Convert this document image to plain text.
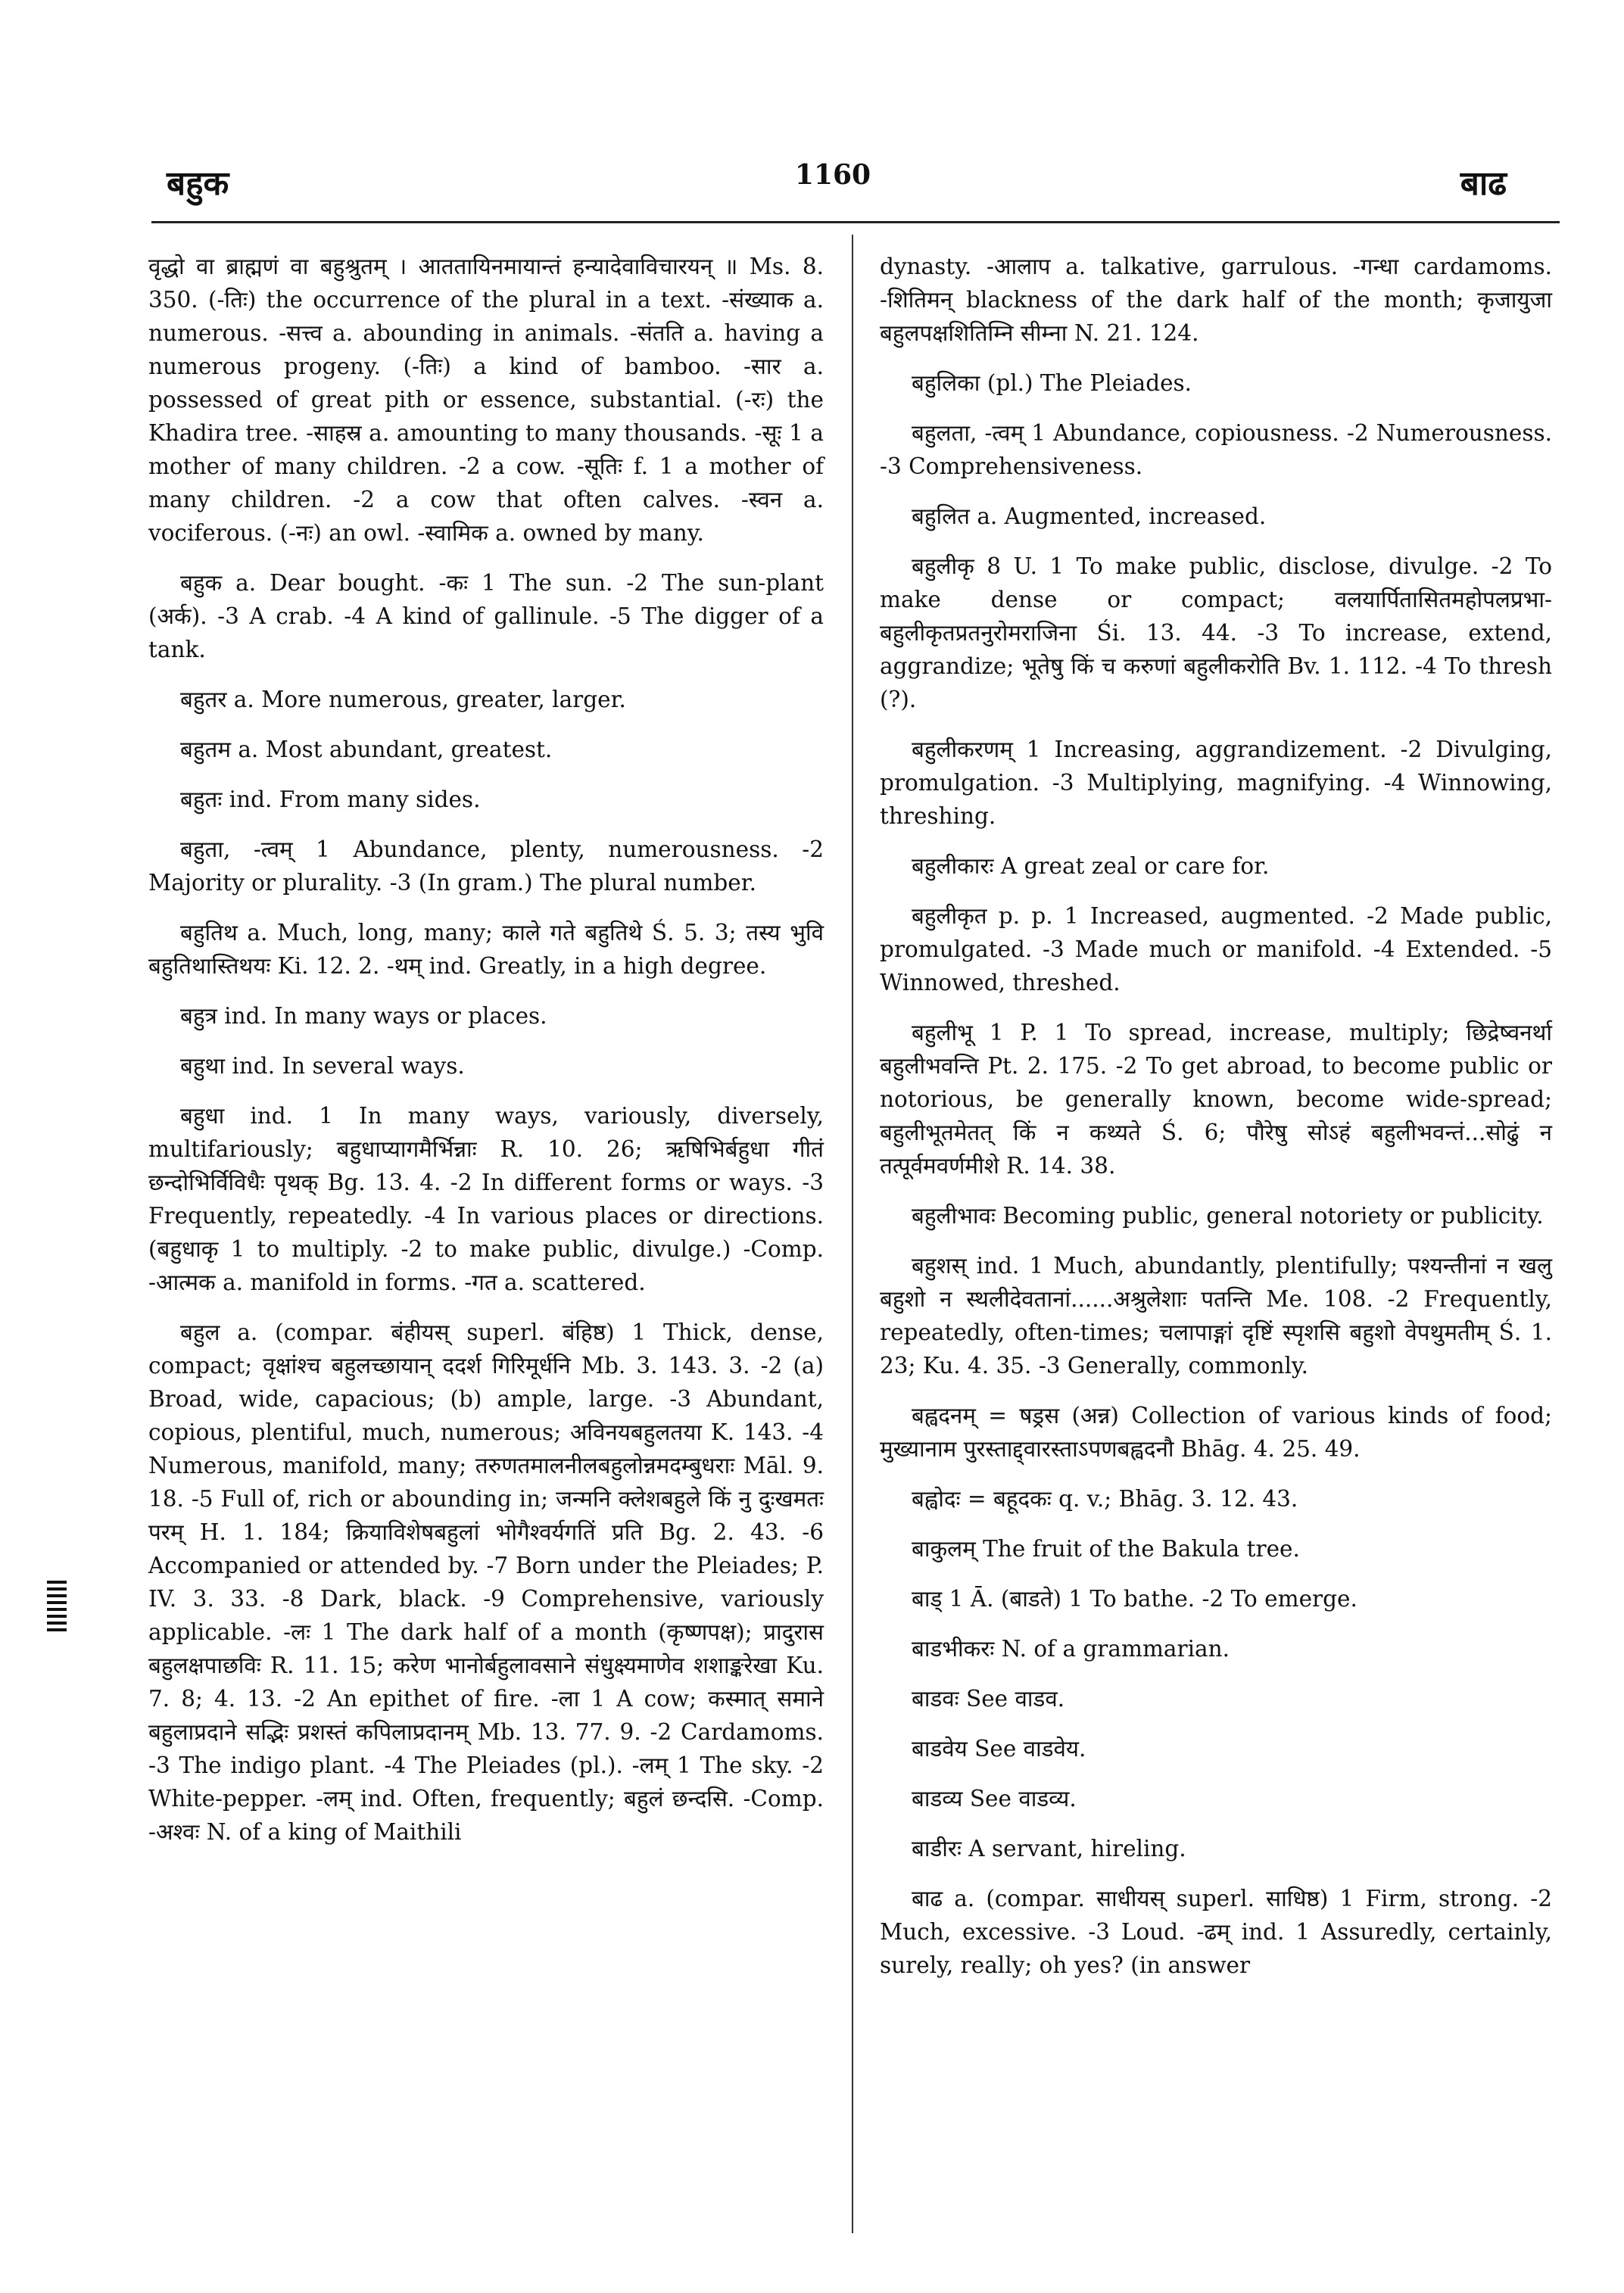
बहुक	1160	बाढ

वृद्धो वा ब्राह्मणं वा बहुश्रुतम् । आततायिनमायान्तं हन्यादेवाविचारयन् ॥ Ms. 8. 350. (-तिः) the occurrence of the plural in a text. -संख्याक a. numerous. -सत्त्व a. abounding in animals. -संतति a. having a numerous progeny. (-तिः) a kind of bamboo. -सार a. possessed of great pith or essence, substantial. (-रः) the Khadira tree. -साहस्र a. amounting to many thousands. -सूः 1 a mother of many children. -2 a cow. -सूतिः f. 1 a mother of many children. -2 a cow that often calves. -स्वन a. vociferous. (-नः) an owl. -स्वामिक a. owned by many.

बहुक a. Dear bought. -कः 1 The sun. -2 The sun-plant (अर्क). -3 A crab. -4 A kind of gallinule. -5 The digger of a tank.

बहुतर a. More numerous, greater, larger.

बहुतम a. Most abundant, greatest.

बहुतः ind. From many sides.

बहुता, -त्वम् 1 Abundance, plenty, numerousness. -2 Majority or plurality. -3 (In gram.) The plural number.

बहुतिथ a. Much, long, many; काले गते बहुतिथे Ś. 5. 3; तस्य भुवि बहुतिथास्तिथयः Ki. 12. 2. -थम् ind. Greatly, in a high degree.

बहुत्र ind. In many ways or places.

बहुथा ind. In several ways.

बहुधा ind. 1 In many ways, variously, diversely, multifariously; बहुधाप्यागमैर्भिन्नाः R. 10. 26; ऋषिभिर्बहुधा गीतं छन्दोभिर्विविधैः पृथक् Bg. 13. 4. -2 In different forms or ways. -3 Frequently, repeatedly. -4 In various places or directions. (बहुधाकृ 1 to multiply. -2 to make public, divulge.) -Comp. -आत्मक a. manifold in forms. -गत a. scattered.

बहुल a. (compar. बंहीयस् superl. बंहिष्ठ) 1 Thick, dense, compact; वृक्षांश्च बहुलच्छायान् ददर्श गिरिमूर्धनि Mb. 3. 143. 3. -2 (a) Broad, wide, capacious; (b) ample, large. -3 Abundant, copious, plentiful, much, numerous; अविनयबहुलतया K. 143. -4 Numerous, manifold, many; तरुणतमालनीलबहुलोन्नमदम्बुधराः Māl. 9. 18. -5 Full of, rich or abounding in; जन्मनि क्लेशबहुले किं नु दुःखमतः परम् H. 1. 184; क्रियाविशेषबहुलां भोगैश्वर्यगतिं प्रति Bg. 2. 43. -6 Accompanied or attended by. -7 Born under the Pleiades; P. IV. 3. 33. -8 Dark, black. -9 Comprehensive, variously applicable. -लः 1 The dark half of a month (कृष्णपक्ष); प्रादुरास बहुलक्षपाछविः R. 11. 15; करेण भानोर्बहुलावसाने संधुक्ष्यमाणेव शशाङ्करेखा Ku. 7. 8; 4. 13. -2 An epithet of fire. -ला 1 A cow; कस्मात् समाने बहुलाप्रदाने सद्भिः प्रशस्तं कपिलाप्रदानम् Mb. 13. 77. 9. -2 Cardamoms. -3 The indigo plant. -4 The Pleiades (pl.). -लम् 1 The sky. -2 White-pepper. -लम् ind. Often, frequently; बहुलं छन्दसि. -Comp. -अश्वः N. of a king of Maithili

dynasty. -आलाप a. talkative, garrulous. -गन्धा cardamoms. -शितिमन् blackness of the dark half of the month; कृजायुजा बहुलपक्षशितिम्नि सीम्ना N. 21. 124.

बहुलिका (pl.) The Pleiades.

बहुलता, -त्वम् 1 Abundance, copiousness. -2 Numerousness. -3 Comprehensiveness.

बहुलित a. Augmented, increased.

बहुलीकृ 8 U. 1 To make public, disclose, divulge. -2 To make dense or compact; वलयार्पितासितमहोपलप्रभा-बहुलीकृतप्रतनुरोमराजिना Śi. 13. 44. -3 To increase, extend, aggrandize; भूतेषु किं च करुणां बहुलीकरोति Bv. 1. 112. -4 To thresh (?).

बहुलीकरणम् 1 Increasing, aggrandizement. -2 Divulging, promulgation. -3 Multiplying, magnifying. -4 Winnowing, threshing.

बहुलीकारः A great zeal or care for.

बहुलीकृत p. p. 1 Increased, augmented. -2 Made public, promulgated. -3 Made much or manifold. -4 Extended. -5 Winnowed, threshed.

बहुलीभू 1 P. 1 To spread, increase, multiply; छिद्रेष्वनर्था बहुलीभवन्ति Pt. 2. 175. -2 To get abroad, to become public or notorious, be generally known, become wide-spread; बहुलीभूतमेतत् किं न कथ्यते Ś. 6; पौरेषु सोऽहं बहुलीभवन्तं...सोढुं न तत्पूर्वमवर्णमीशे R. 14. 38.

बहुलीभावः Becoming public, general notoriety or publicity.

बहुशस् ind. 1 Much, abundantly, plentifully; पश्यन्तीनां न खलु बहुशो न स्थलीदेवतानां......अश्रुलेशाः पतन्ति Me. 108. -2 Frequently, repeatedly, often-times; चलापाङ्गां दृष्टिं स्पृशसि बहुशो वेपथुमतीम् Ś. 1. 23; Ku. 4. 35. -3 Generally, commonly.

बह्वदनम् = षड्रस (अन्न) Collection of various kinds of food; मुख्यानाम पुरस्ताद्द्वारस्ताऽपणबह्वदनौ Bhāg. 4. 25. 49.

बह्वोदः = बहूदकः q. v.; Bhāg. 3. 12. 43.

बाकुलम् The fruit of the Bakula tree.

बाड् 1 Ā. (बाडते) 1 To bathe. -2 To emerge.

बाडभीकरः N. of a grammarian.

बाडवः See वाडव.

बाडवेय See वाडवेय.

बाडव्य See वाडव्य.

बाडीरः A servant, hireling.

बाढ a. (compar. साधीयस् superl. साधिष्ठ) 1 Firm, strong. -2 Much, excessive. -3 Loud. -ढम् ind. 1 Assuredly, certainly, surely, really; oh yes? (in answer
